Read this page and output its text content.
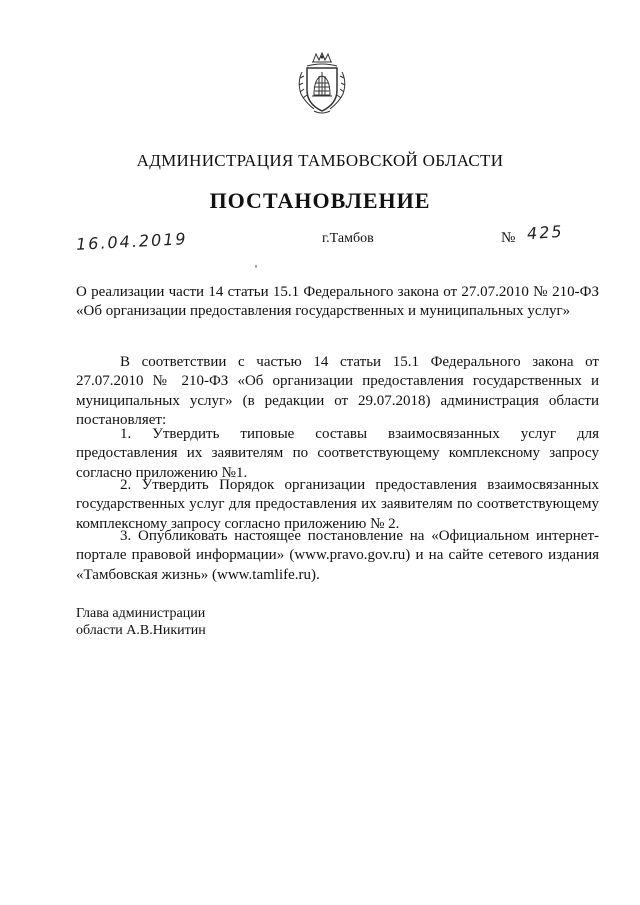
АДМИНИСТРАЦИЯ ТАМБОВСКОЙ ОБЛАСТИ
ПОСТАНОВЛЕНИЕ
16.04.2019	г.Тамбов	№ 425
О реализации части 14 статьи 15.1 Федерального закона от 27.07.2010 № 210-ФЗ «Об организации предоставления государственных и муниципальных услуг»
В соответствии с частью 14 статьи 15.1 Федерального закона от 27.07.2010 № 210-ФЗ «Об организации предоставления государственных и муниципальных услуг» (в редакции от 29.07.2018) администрация области постановляет:
1. Утвердить типовые составы взаимосвязанных услуг для предоставления их заявителям по соответствующему комплексному запросу согласно приложению №1.
2. Утвердить Порядок организации предоставления взаимосвязанных государственных услуг для предоставления их заявителям по соответствующему комплексному запросу согласно приложению № 2.
3. Опубликовать настоящее постановление на «Официальном интернет-портале правовой информации» (www.pravo.gov.ru) и на сайте сетевого издания «Тамбовская жизнь» (www.tamlife.ru).
Глава администрации
области А.В.Никитин
